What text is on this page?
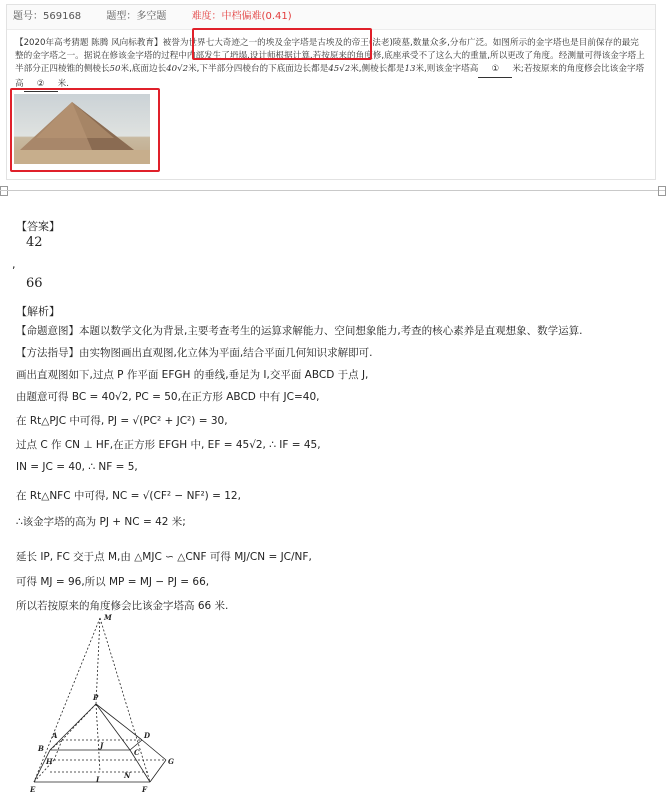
题号：569168	题型：多空题	难度：中档偏难(0.41)
【2020年高考猜题 陈腾 风向标教育】被誉为世界七大奇迹之一的埃及金字塔是古埃及的帝王(法老)陵墓,数量众多,分布广泛。如图所示的金字塔也是目前保存的最完整的金字塔之一。据说在修该金字塔的过程中内部发生了坍塌,设计师根据计算,若按原来的角度修,底座承受不了这么大的重量,所以更改了角度。经测量可得该金字塔上半部分正四棱锥的侧棱长50米,底面边长40√2米,下半部分四棱台的下底面边长都是45√2米,侧棱长都是13米,则该金字塔高 ① 米;若按原来的角度修会比该金字塔高 ② 米.
【答案】
42
,
66
【解析】
【命题意图】本题以数学文化为背景,主要考查考生的运算求解能力、空间想象能力,考查的核心素养是直观想象、数学运算.
【方法指导】由实物图画出直观图,化立体为平面,结合平面几何知识求解即可.
画出直观图如下,过点 P 作平面 EFGH 的垂线,垂足为 I,交平面 ABCD 于点 J,
由题意可得 BC = 40√2, PC = 50,在正方形 ABCD 中有 JC=40,
在 Rt△PJC 中可得, PJ = √(PC² + JC²) = 30,
过点 C 作 CN ⊥ HF,在正方形 EFGH 中, EF = 45√2, ∴ IF = 45,
IN = JC = 40, ∴ NF = 5,
在 Rt△NFC 中可得, NC = √(CF² − NF²) = 12,
∴该金字塔的高为 PJ + NC = 42 米;
延长 IP, FC 交于点 M,由 △MJC ∽ △CNF 可得 MJ/CN = JC/NF,
可得 MJ = 96,所以 MP = MJ − PJ = 66,
所以若按原来的角度修会比该金字塔高 66 米.
M
P
A
B	C
D
E	F
G
H
I
J
N
